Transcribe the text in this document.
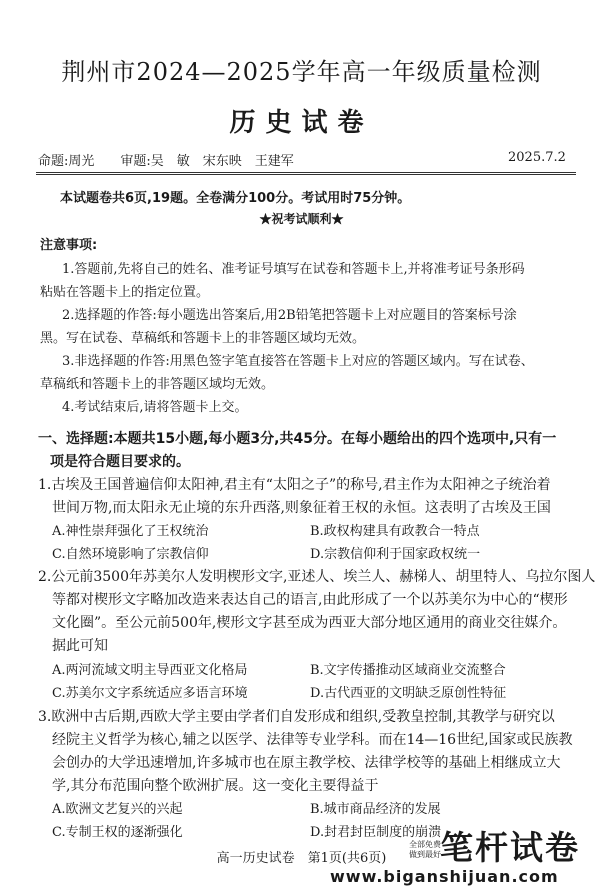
荆州市2024—2025学年高一年级质量检测
历史试卷
命题:周光　　审题:吴　敏　宋东映　王建军	2025.7.2
本试题卷共6页,19题。全卷满分100分。考试用时75分钟。
★祝考试顺利★
注意事项:
1.答题前,先将自己的姓名、准考证号填写在试卷和答题卡上,并将准考证号条形码
粘贴在答题卡上的指定位置。
2.选择题的作答:每小题选出答案后,用2B铅笔把答题卡上对应题目的答案标号涂
黑。写在试卷、草稿纸和答题卡上的非答题区域均无效。
3.非选择题的作答:用黑色签字笔直接答在答题卡上对应的答题区域内。写在试卷、
草稿纸和答题卡上的非答题区域均无效。
4.考试结束后,请将答题卡上交。
一、选择题:本题共15小题,每小题3分,共45分。在每小题给出的四个选项中,只有一
项是符合题目要求的。
1.古埃及王国普遍信仰太阳神,君主有“太阳之子”的称号,君主作为太阳神之子统治着
世间万物,而太阳永无止境的东升西落,则象征着王权的永恒。这表明了古埃及王国
A.神性崇拜强化了王权统治	B.政权构建具有政教合一特点
C.自然环境影响了宗教信仰	D.宗教信仰利于国家政权统一
2.公元前3500年苏美尔人发明楔形文字,亚述人、埃兰人、赫梯人、胡里特人、乌拉尔图人
等都对楔形文字略加改造来表达自己的语言,由此形成了一个以苏美尔为中心的“楔形
文化圈”。至公元前500年,楔形文字甚至成为西亚大部分地区通用的商业交往媒介。
据此可知
A.两河流域文明主导西亚文化格局	B.文字传播推动区域商业交流整合
C.苏美尔文字系统适应多语言环境	D.古代西亚的文明缺乏原创性特征
3.欧洲中古后期,西欧大学主要由学者们自发形成和组织,受教皇控制,其教学与研究以
经院主义哲学为核心,辅之以医学、法律等专业学科。而在14—16世纪,国家或民族教
会创办的大学迅速增加,许多城市也在原主教学校、法律学校等的基础上相继成立大
学,其分布范围向整个欧洲扩展。这一变化主要得益于
A.欧洲文艺复兴的兴起	B.城市商品经济的发展
C.专制王权的逐渐强化	D.封君封臣制度的崩溃
高一历史试卷　第1页(共6页)
全部免费
做到最好 笔杆试卷
www.biganshijuan.com
